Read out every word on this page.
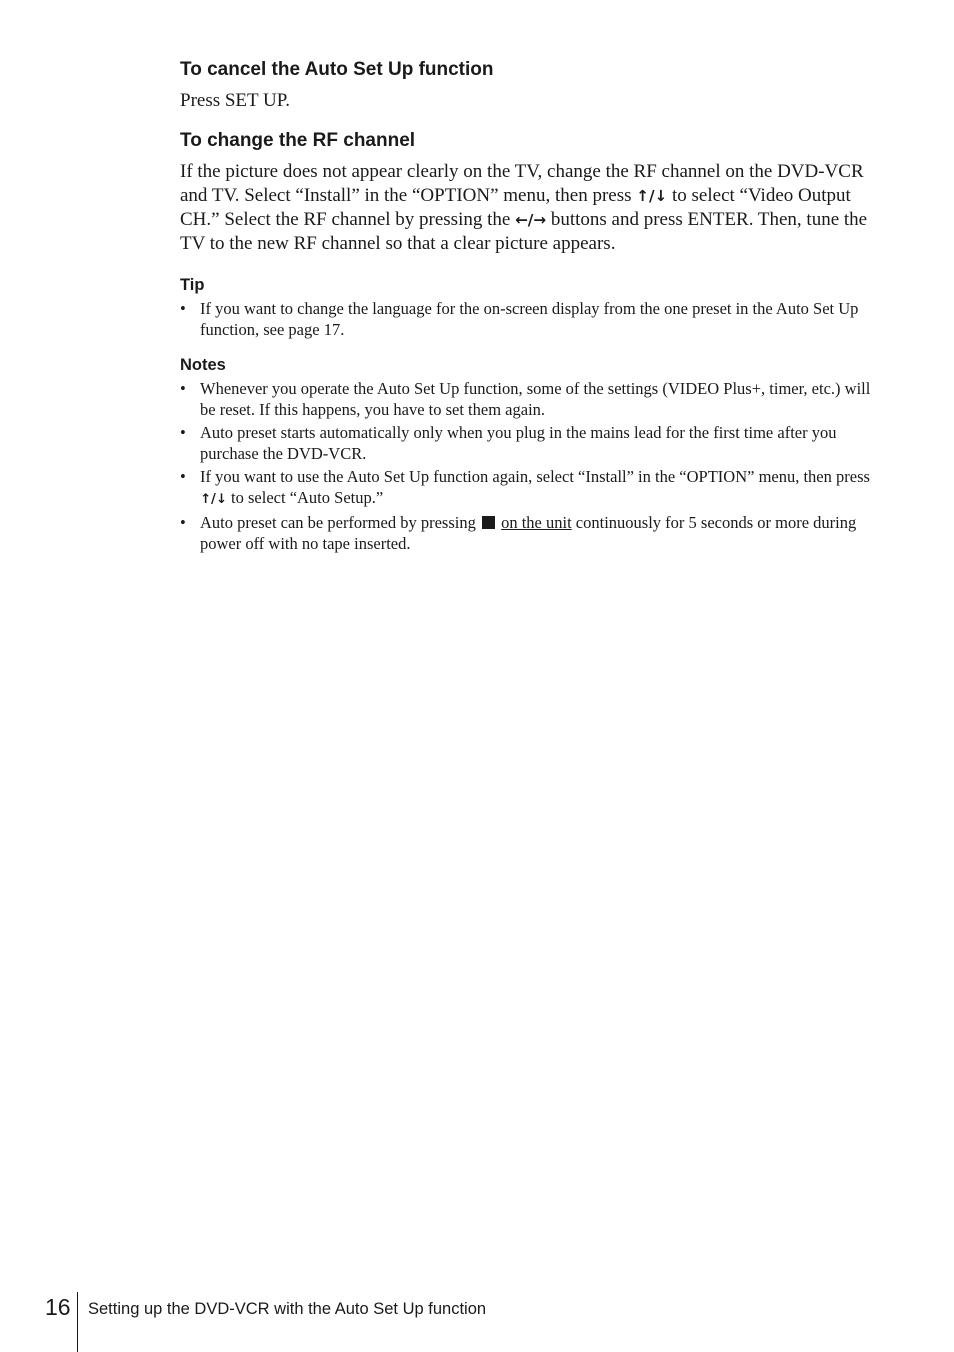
To cancel the Auto Set Up function

Press SET UP.

To change the RF channel

If the picture does not appear clearly on the TV, change the RF channel on the DVD-VCR and TV. Select “Install” in the “OPTION” menu, then press ↑/↓ to select “Video Output CH.” Select the RF channel by pressing the ←/→ buttons and press ENTER. Then, tune the TV to the new RF channel so that a clear picture appears.

Tip
• If you want to change the language for the on-screen display from the one preset in the Auto Set Up function, see page 17.
Notes
• Whenever you operate the Auto Set Up function, some of the settings (VIDEO Plus+, timer, etc.) will be reset. If this happens, you have to set them again.
• Auto preset starts automatically only when you plug in the mains lead for the first time after you purchase the DVD-VCR.
• If you want to use the Auto Set Up function again, select “Install” in the “OPTION” menu, then press ↑/↓ to select “Auto Setup.”
• Auto preset can be performed by pressing  on the unit continuously for 5 seconds or more during power off with no tape inserted.
16 Setting up the DVD-VCR with the Auto Set Up function
